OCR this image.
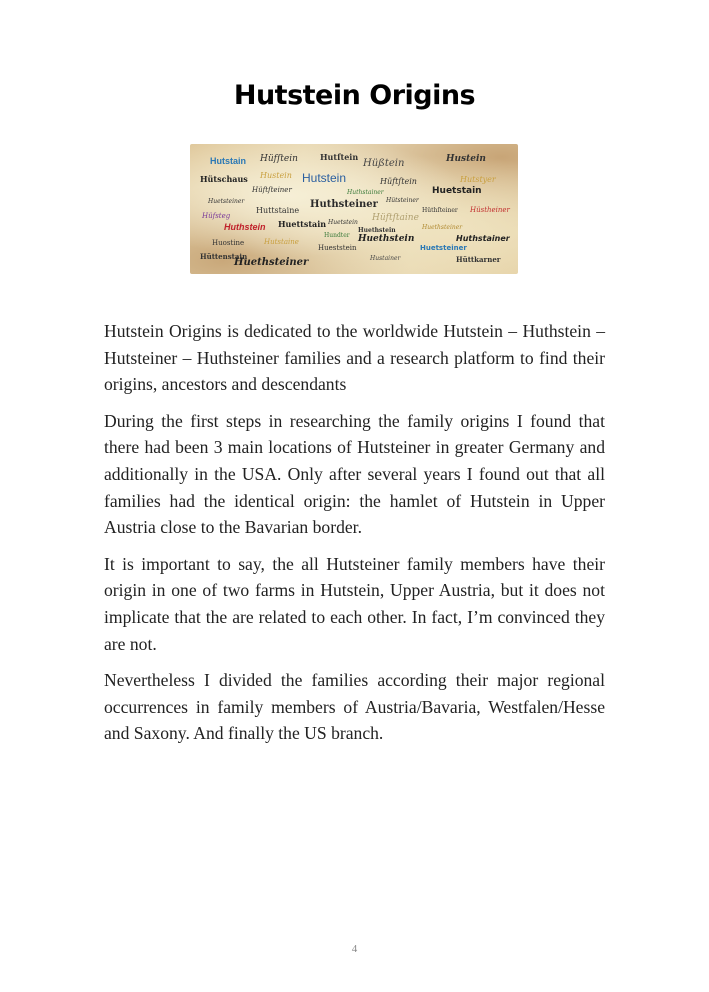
Hutstein Origins
Hutstain Hüfſtein	Hutſtein
Hüßtein	Hustein
Hütschaus Hustein Hutstein	Hüftſtein	Hutstyer
Hüftſteiner	Huthstainer	Huetstain
Huetsteiner	Huthsteiner Hütsteiner
Hüfsteg
Huttstaine	Hüthſteiner Hüstheiner
Huthstein Huettstain Huetstein Hüftſtaine
Huethsteiner
Hundter
Hueststein
Huethstein	Huthstainer
Huostine	Hutstaine
Huethstein
Huetsteiner
Hüttenstain
Huethsteiner	Hustainer	Hüttkarner

Hutstein Origins is dedicated to the worldwide Hutstein – Huthstein – Hutsteiner – Huthsteiner families and a research platform to find their origins, ancestors and descendants

During the first steps in researching the family origins I found that there had been 3 main locations of Hutsteiner in greater Germany and additionally in the USA. Only after several years I found out that all families had the identical origin: the hamlet of Hutstein in Upper Austria close to the Bavarian border.

It is important to say, the all Hutsteiner family members have their origin in one of two farms in Hutstein, Upper Austria, but it does not implicate that the are related to each other. In fact, I’m convinced they are not.

Nevertheless I divided the families according their major regional occurrences in family members of Austria/Bavaria, Westfalen/Hesse and Saxony. And finally the US branch.

4
